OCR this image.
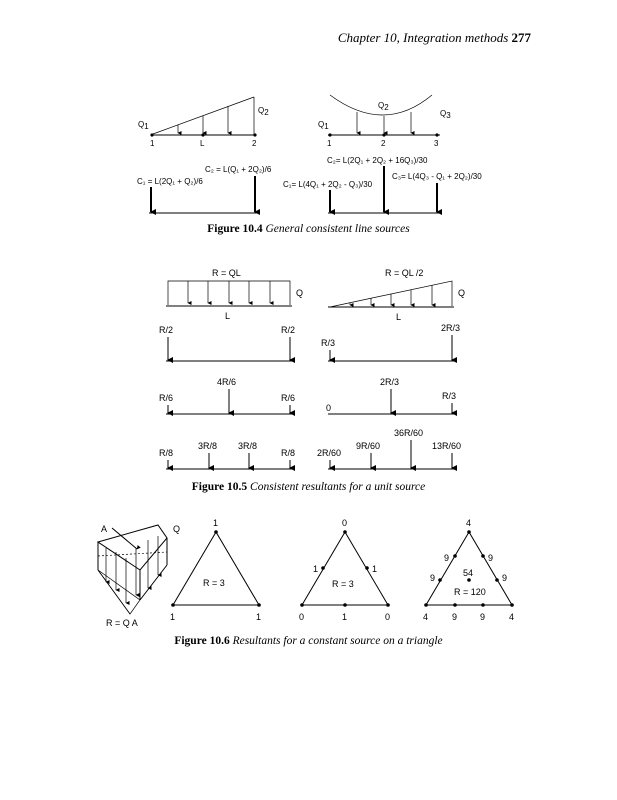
Chapter 10, Integration methods 277
Q1
Q2
1	L	2
C₂ = L(Q₁ + 2Q₂)/6
C₁ = L(2Q₁ + Q₂)/6
Q1
Q2
Q3
1	2	3
C₂= L(2Q₁ + 2Q₂ + 16Q₃)/30
C₁= L(4Q₁ + 2Q₂ - Q₃)/30
C₃= L(4Q₃ - Q₁ + 2Q₂)/30
R = QL
Q
L
R/2	R/2
4R/6
R/6	R/6
3R/8 3R/8
R/8	R/8
R = QL /2
Q
L
2R/3
R/3
2R/3
R/3
0
36R/60
9R/60	13R/60
2R/60
A	Q
R = Q A
1
1	1
R = 3
0
1	1
R = 3
0	1	0
4
9	9
9	9
54
R = 120
4	9	9	4
Figure 10.4 General consistent line sources
Figure 10.5 Consistent resultants for a unit source
Figure 10.6 Resultants for a constant source on a triangle
